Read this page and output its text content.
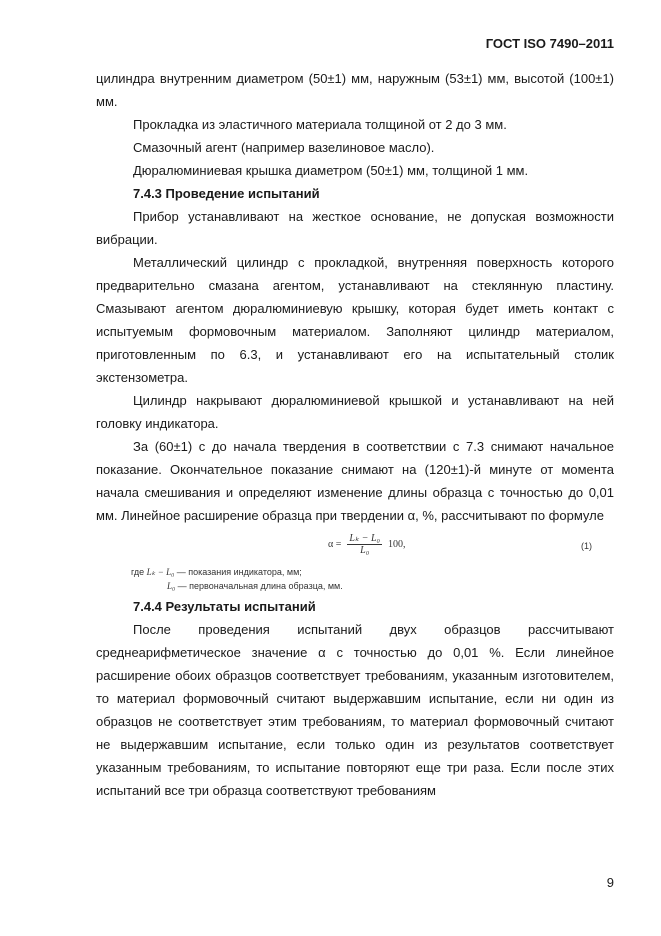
ГОСТ ISO 7490–2011

цилиндра внутренним диаметром (50±1) мм, наружным (53±1) мм, высотой (100±1) мм.

Прокладка из эластичного материала толщиной от 2 до 3 мм.

Смазочный агент (например вазелиновое масло).

Дюралюминиевая крышка диаметром (50±1) мм, толщиной 1 мм.

7.4.3 Проведение испытаний

Прибор устанавливают на жесткое основание, не допуская возможности вибрации.

Металлический цилиндр с прокладкой, внутренняя поверхность которого предварительно смазана агентом, устанавливают на стеклянную пластину. Смазывают агентом дюралюминиевую крышку, которая будет иметь контакт с испытуемым формовочным материалом. Заполняют цилиндр материалом, приготовленным по 6.3, и устанавливают его на испытательный столик экстензометра.

Цилиндр накрывают дюралюминиевой крышкой и устанавливают на ней головку индикатора.

За (60±1) с до начала твердения в соответствии с 7.3 снимают начальное показание. Окончательное показание снимают на (120±1)-й минуте от момента начала смешивания и определяют изменение длины образца с точностью до 0,01 мм. Линейное расширение образца при твердении α, %, рассчитывают по формуле

$\alpha = \frac{\text{Lₖ − L₀}}{\text{L₀}} 100$,	(1)
где Lₖ − L₀ — показания индикатора, мм;
L₀ — первоначальная длина образца, мм.

7.4.4 Результаты испытаний

После проведения испытаний двух образцов рассчитывают среднеарифметическое значение α с точностью до 0,01 %. Если линейное расширение обоих образцов соответствует требованиям, указанным изготовителем, то материал формовочный считают выдержавшим испытание, если ни один из образцов не соответствует этим требованиям, то материал формовочный считают не выдержавшим испытание, если только один из результатов соответствует указанным требованиям, то испытание повторяют еще три раза. Если после этих испытаний все три образца соответствуют требованиям

9
